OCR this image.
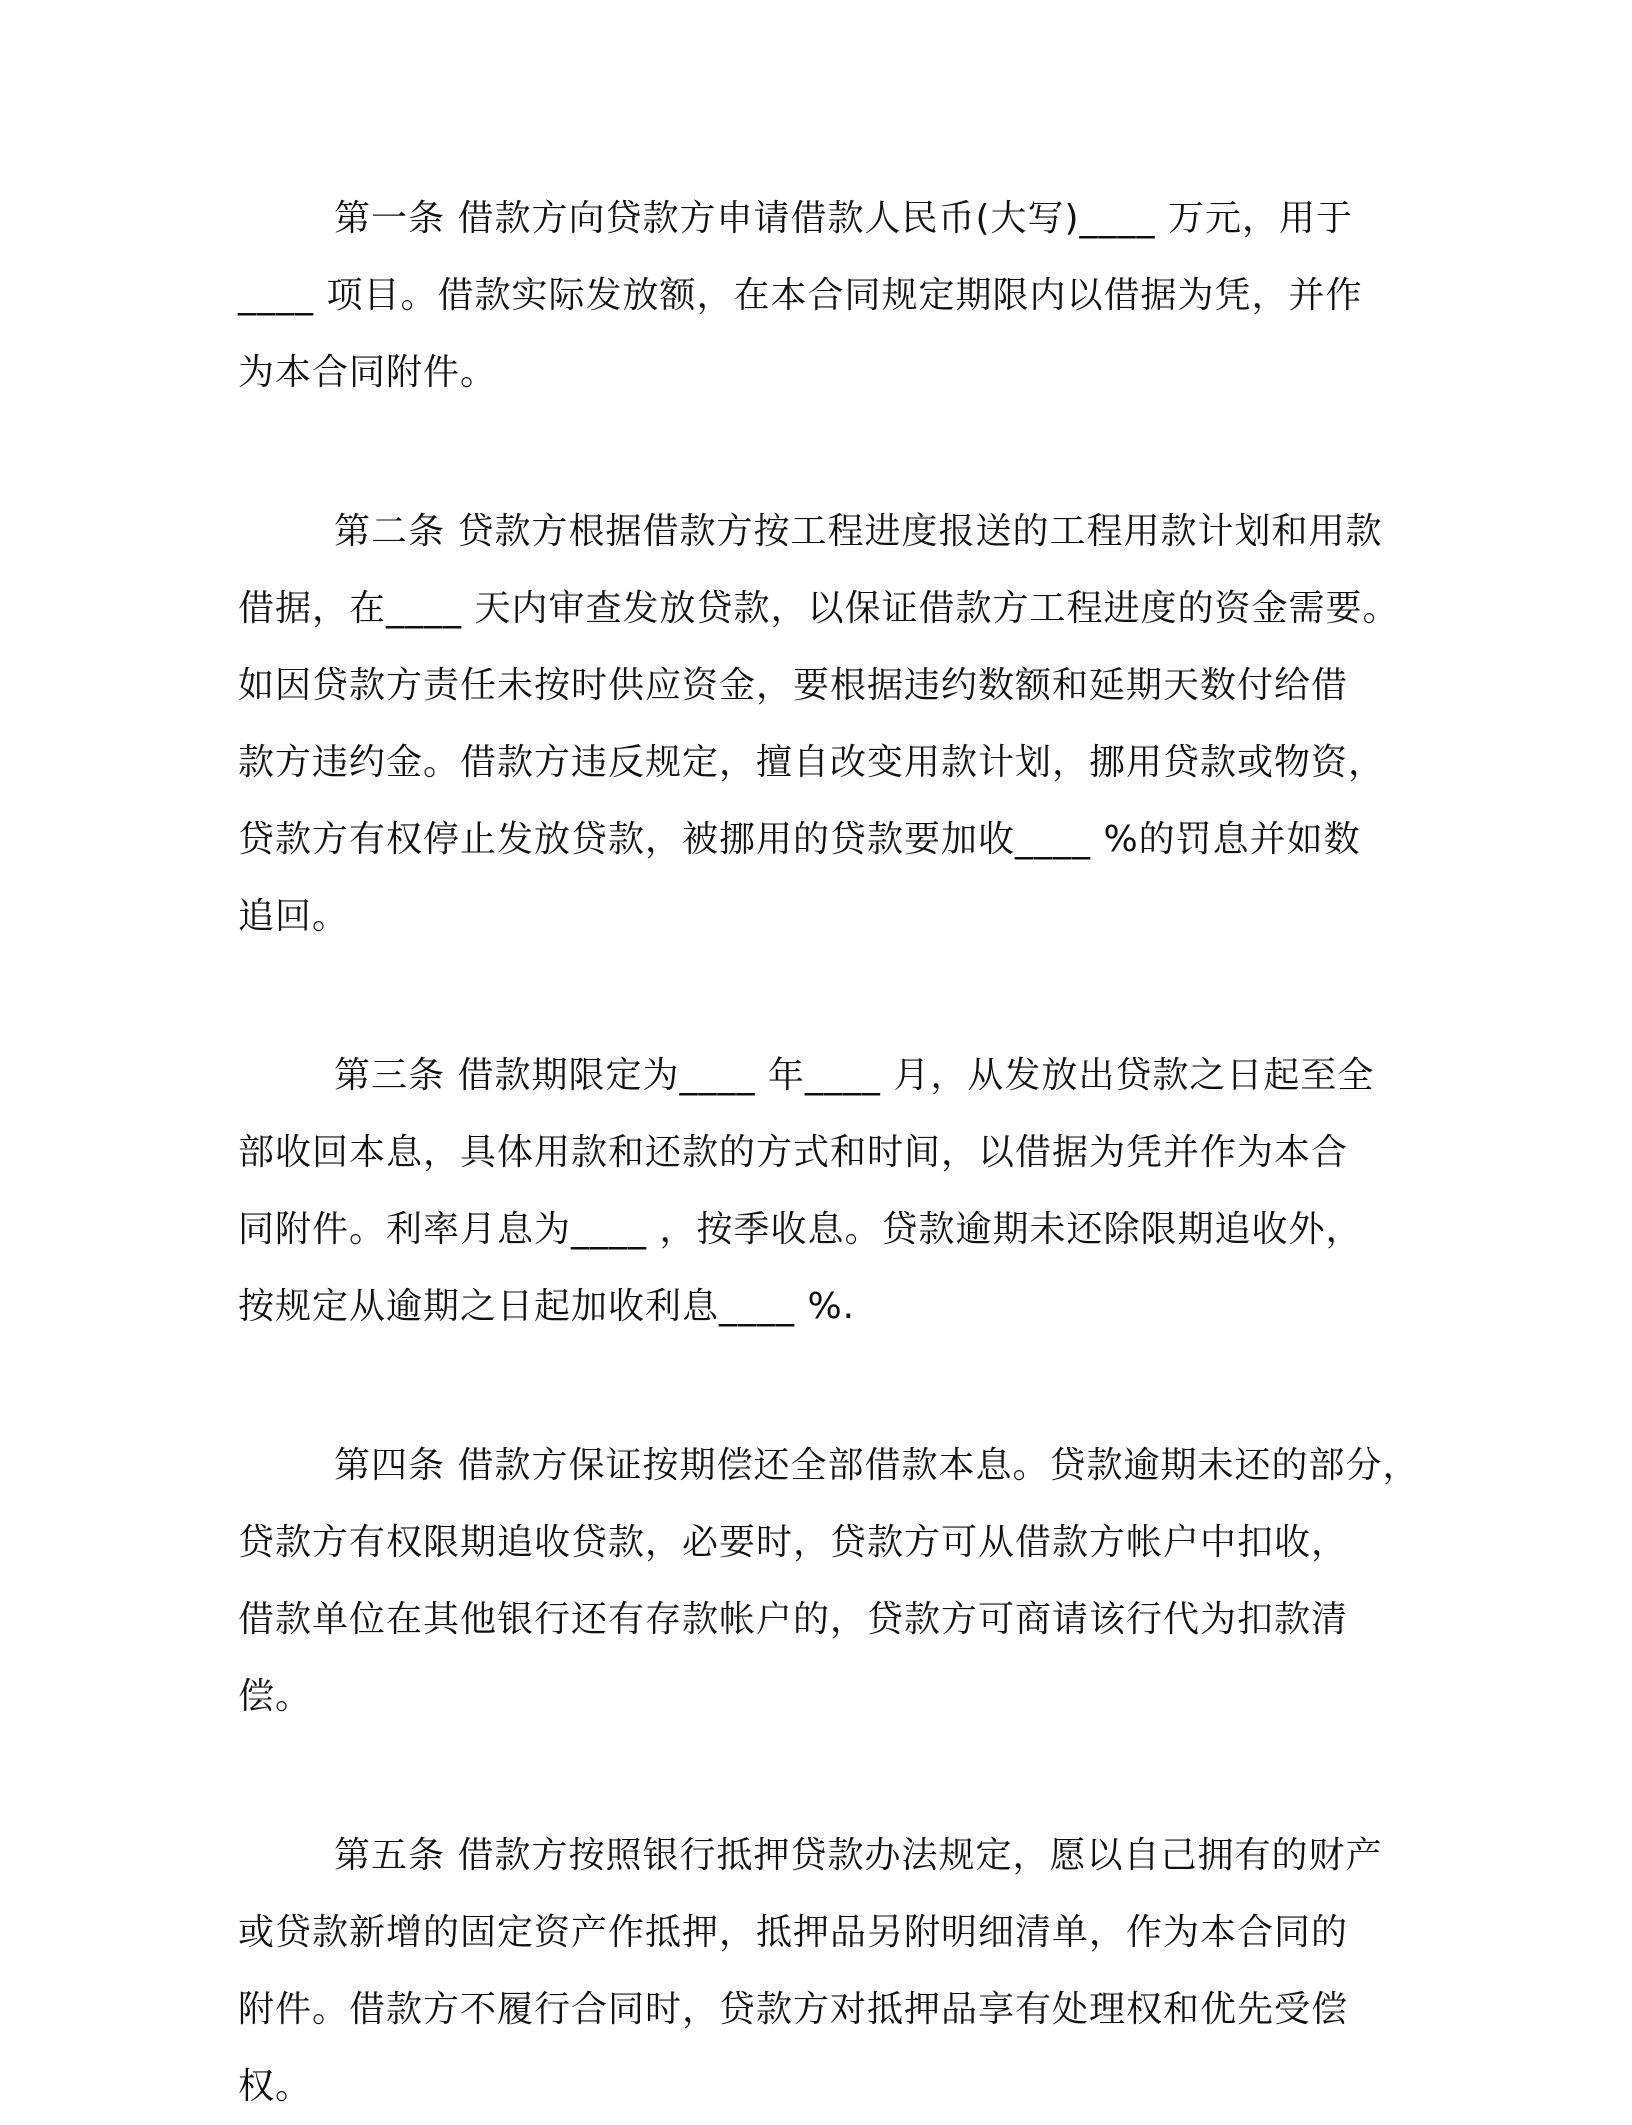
第一条 借款方向贷款方申请借款人民币(大写)____ 万元，用于
____ 项目。借款实际发放额，在本合同规定期限内以借据为凭，并作
为本合同附件。
第二条 贷款方根据借款方按工程进度报送的工程用款计划和用款
借据，在____ 天内审查发放贷款，以保证借款方工程进度的资金需要。
如因贷款方责任未按时供应资金，要根据违约数额和延期天数付给借
款方违约金。借款方违反规定，擅自改变用款计划，挪用贷款或物资，
贷款方有权停止发放贷款，被挪用的贷款要加收____ %的罚息并如数
追回。
第三条 借款期限定为____ 年____ 月，从发放出贷款之日起至全
部收回本息，具体用款和还款的方式和时间，以借据为凭并作为本合
同附件。利率月息为____ ，按季收息。贷款逾期未还除限期追收外，
按规定从逾期之日起加收利息____ %.
第四条 借款方保证按期偿还全部借款本息。贷款逾期未还的部分，
贷款方有权限期追收贷款，必要时，贷款方可从借款方帐户中扣收，
借款单位在其他银行还有存款帐户的，贷款方可商请该行代为扣款清
偿。
第五条 借款方按照银行抵押贷款办法规定，愿以自己拥有的财产
或贷款新增的固定资产作抵押，抵押品另附明细清单，作为本合同的
附件。借款方不履行合同时，贷款方对抵押品享有处理权和优先受偿
权。
